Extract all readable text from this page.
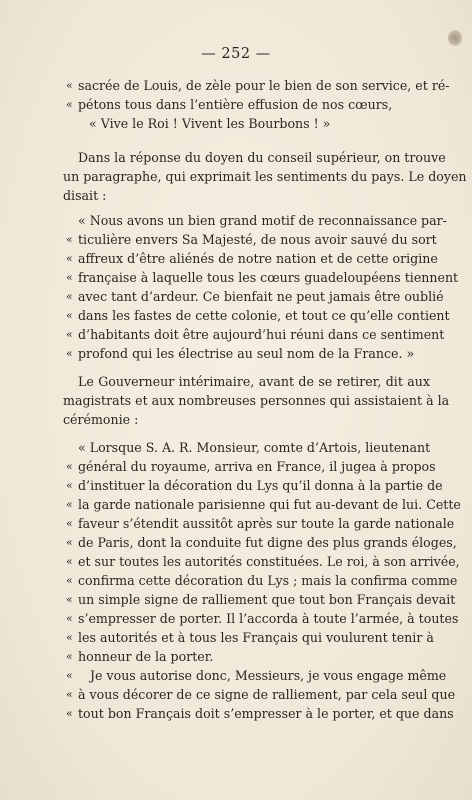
— 252 —
« sacrée de Louis, de zèle pour le bien de son service, et ré-
« pétons tous dans l’entière effusion de nos cœurs,
« Vive le Roi ! Vivent les Bourbons ! »
Dans la réponse du doyen du conseil supérieur, on trouve
un paragraphe, qui exprimait les sentiments du pays. Le doyen
disait :
« Nous avons un bien grand motif de reconnaissance par-
« ticulière envers Sa Majesté, de nous avoir sauvé du sort
« affreux d’être aliénés de notre nation et de cette origine
« française à laquelle tous les cœurs guadeloupéens tiennent
« avec tant d’ardeur. Ce bienfait ne peut jamais être oublié
« dans les fastes de cette colonie, et tout ce qu’elle contient
« d’habitants doit être aujourd’hui réuni dans ce sentiment
« profond qui les électrise au seul nom de la France. »
Le Gouverneur intérimaire, avant de se retirer, dit aux
magistrats et aux nombreuses personnes qui assistaient à la
cérémonie :
« Lorsque S. A. R. Monsieur, comte d’Artois, lieutenant
« général du royaume, arriva en France, il jugea à propos
« d’instituer la décoration du Lys qu’il donna à la partie de
« la garde nationale parisienne qui fut au-devant de lui. Cette
« faveur s’étendit aussitôt après sur toute la garde nationale
« de Paris, dont la conduite fut digne des plus grands éloges,
« et sur toutes les autorités constituées. Le roi, à son arrivée,
« confirma cette décoration du Lys ; mais la confirma comme
« un simple signe de ralliement que tout bon Français devait
« s’empresser de porter. Il l’accorda à toute l’armée, à toutes
« les autorités et à tous les Français qui voulurent tenir à
« honneur de la porter.
« Je vous autorise donc, Messieurs, je vous engage même
« à vous décorer de ce signe de ralliement, par cela seul que
« tout bon Français doit s’empresser à le porter, et que dans
